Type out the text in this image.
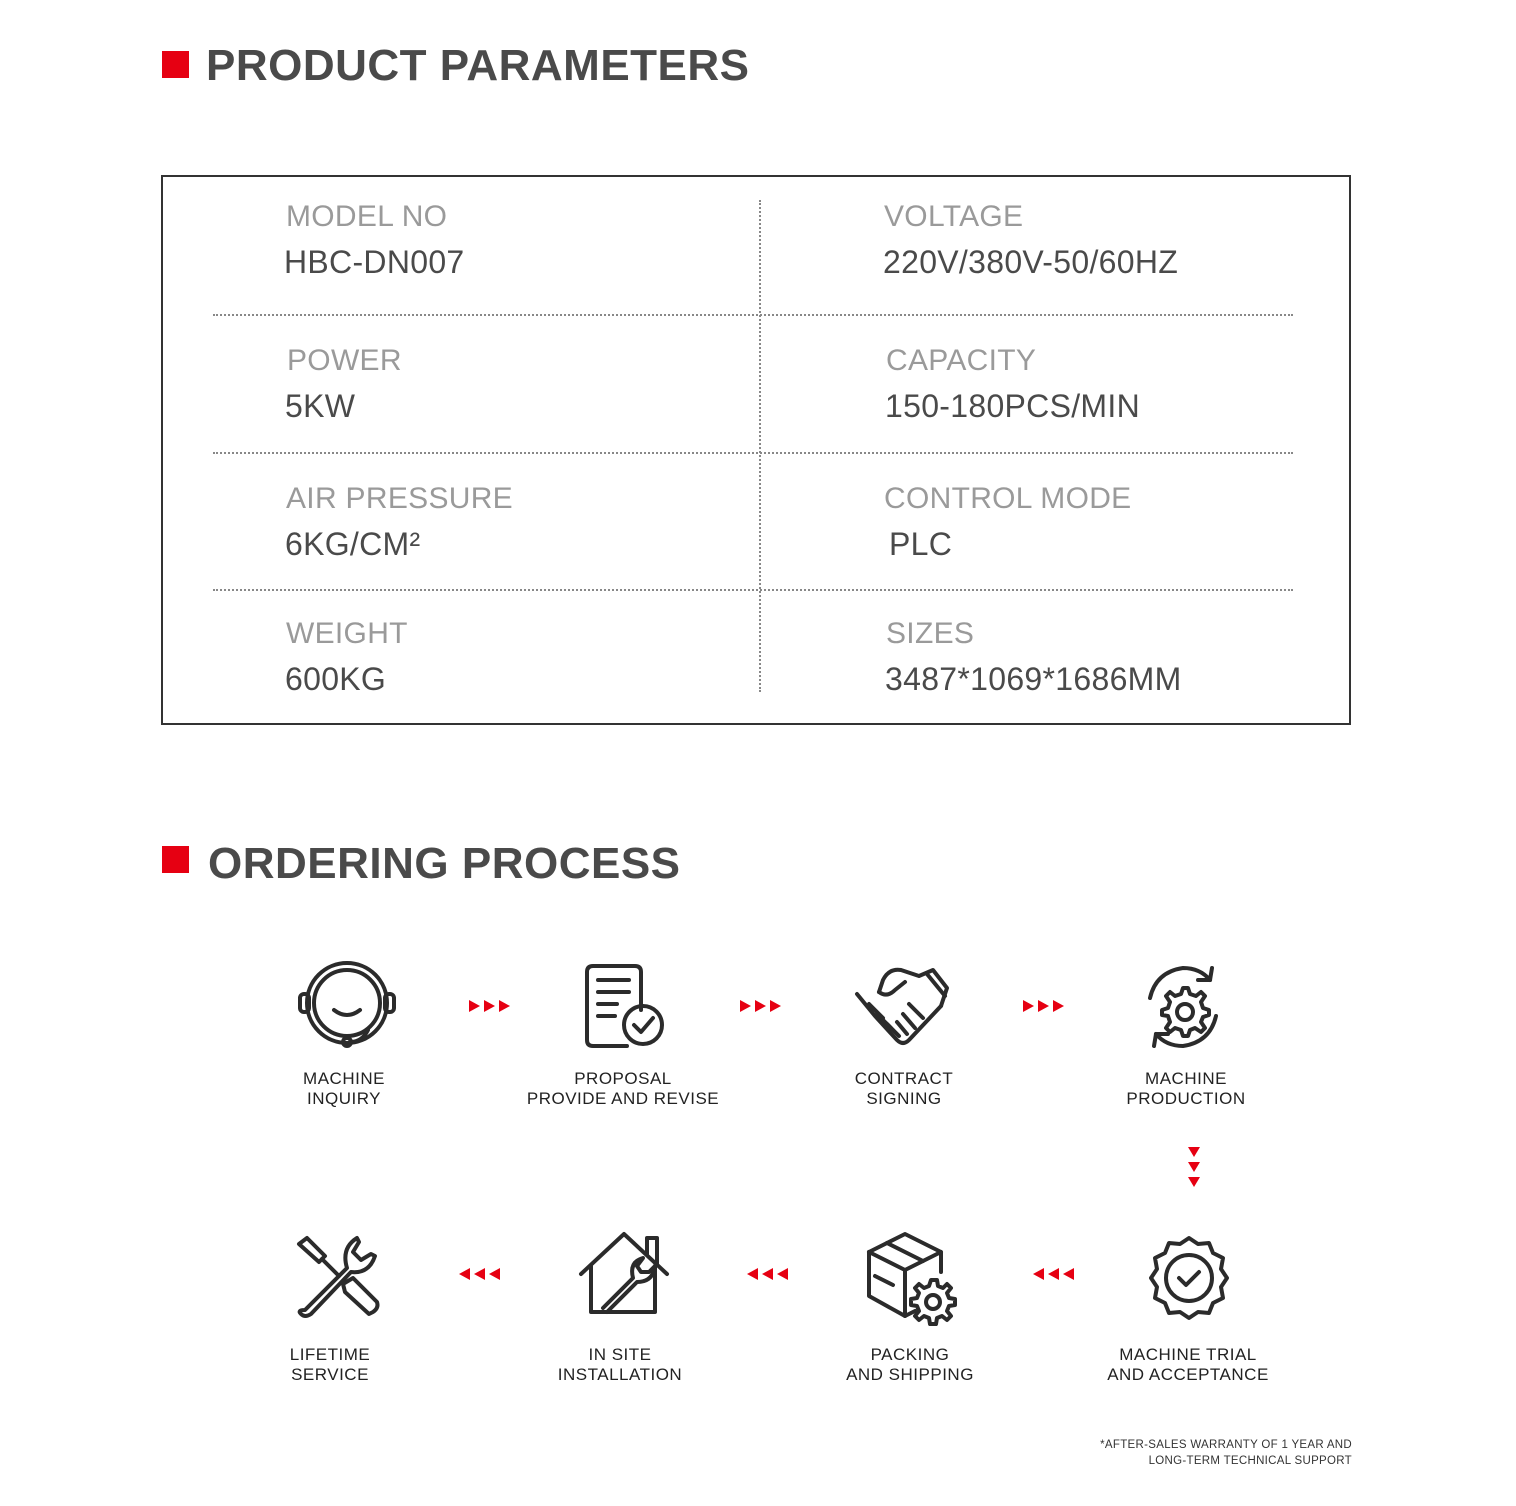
PRODUCT PARAMETERS
MODEL NO
HBC-DN007
VOLTAGE
220V/380V-50/60HZ
POWER
5KW
CAPACITY
150-180PCS/MIN
AIR PRESSURE
6KG/CM²
CONTROL MODE
PLC
WEIGHT
600KG
SIZES
3487*1069*1686MM
ORDERING PROCESS
MACHINE
INQUIRY
PROPOSAL
PROVIDE AND REVISE
CONTRACT
SIGNING
MACHINE
PRODUCTION
MACHINE TRIAL
AND ACCEPTANCE
PACKING
AND SHIPPING
IN SITE
INSTALLATION
LIFETIME
SERVICE
*AFTER-SALES WARRANTY OF 1 YEAR AND
LONG-TERM TECHNICAL SUPPORT
